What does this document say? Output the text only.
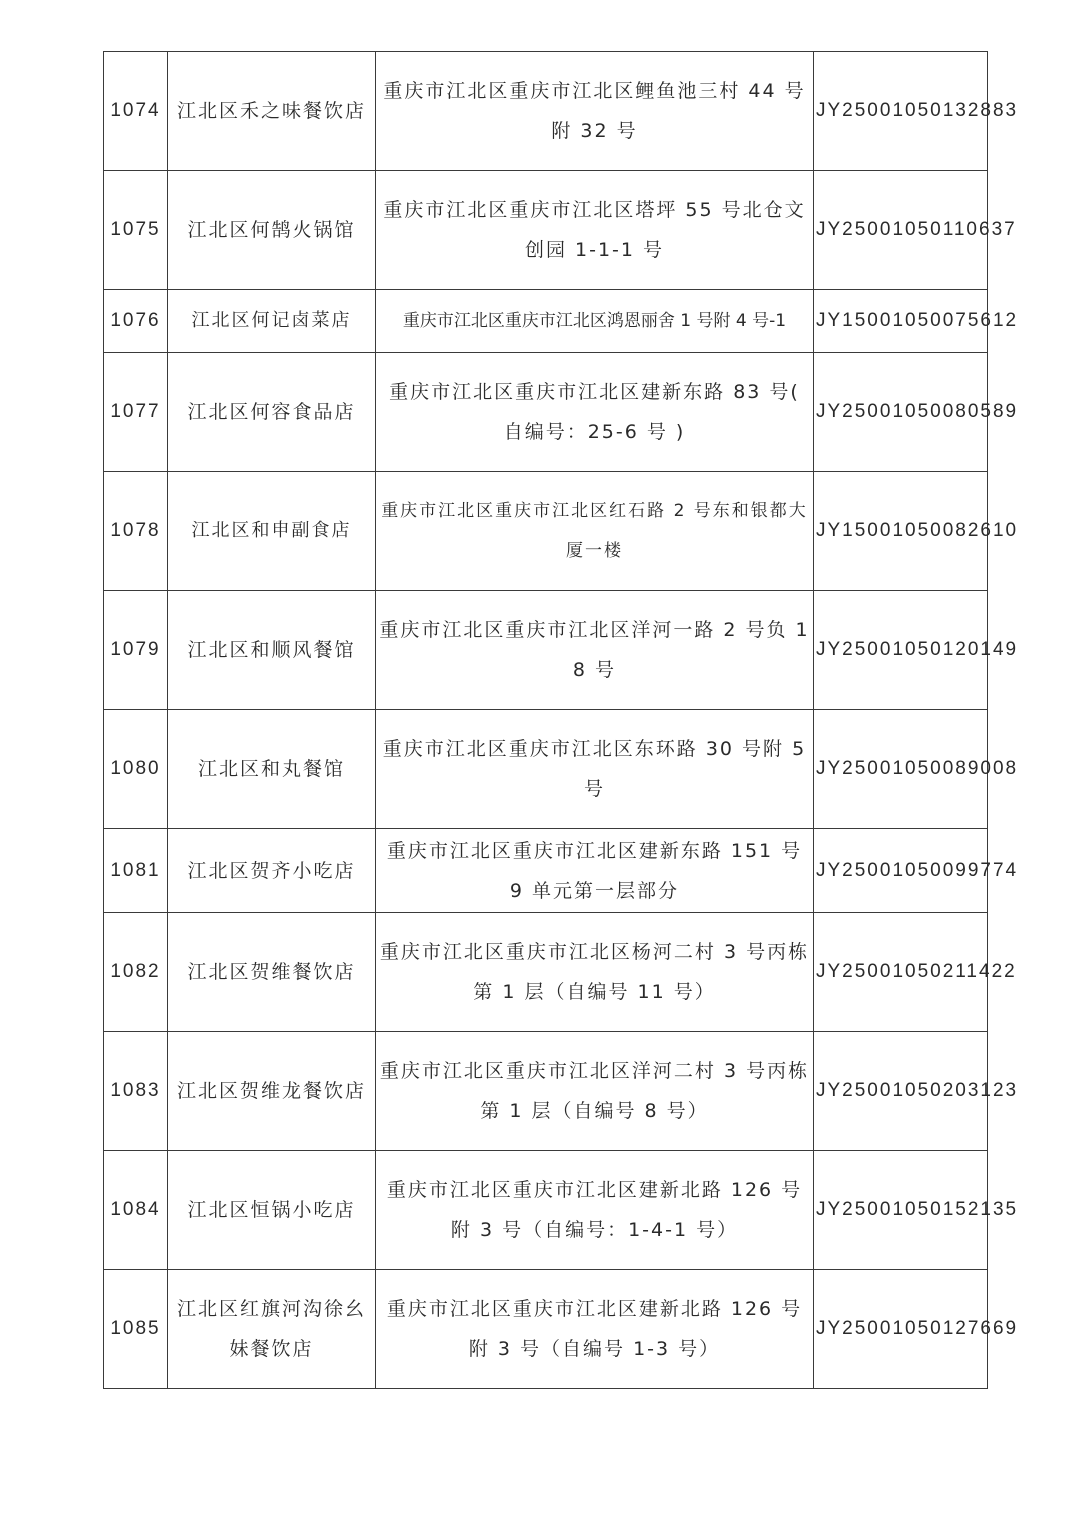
1074	江北区禾之味餐饮店	重庆市江北区重庆市江北区鲤鱼池三村 44 号附 32 号	JY25001050132883
1075	江北区何鹄火锅馆	重庆市江北区重庆市江北区塔坪 55 号北仓文创园 1-1-1 号	JY25001050110637
1076	江北区何记卤菜店	重庆市江北区重庆市江北区鸿恩丽舍 1 号附 4 号-1	JY15001050075612
1077	江北区何容食品店	重庆市江北区重庆市江北区建新东路 83 号( 自编号：25-6 号 )	JY25001050080589
1078	江北区和申副食店	重庆市江北区重庆市江北区红石路 2 号东和银都大厦一楼	JY15001050082610
1079	江北区和顺风餐馆	重庆市江北区重庆市江北区洋河一路 2 号负 18 号	JY25001050120149
1080	江北区和丸餐馆	重庆市江北区重庆市江北区东环路 30 号附 5 号	JY25001050089008
1081	江北区贺齐小吃店	重庆市江北区重庆市江北区建新东路 151 号 9 单元第一层部分	JY25001050099774
1082	江北区贺维餐饮店	重庆市江北区重庆市江北区杨河二村 3 号丙栋第 1 层（自编号 11 号）	JY25001050211422
1083	江北区贺维龙餐饮店	重庆市江北区重庆市江北区洋河二村 3 号丙栋第 1 层（自编号 8 号）	JY25001050203123
1084	江北区恒锅小吃店	重庆市江北区重庆市江北区建新北路 126 号附 3 号（自编号：1-4-1 号）	JY25001050152135
1085	江北区红旗河沟徐幺妹餐饮店	重庆市江北区重庆市江北区建新北路 126 号附 3 号（自编号 1-3 号）	JY25001050127669
